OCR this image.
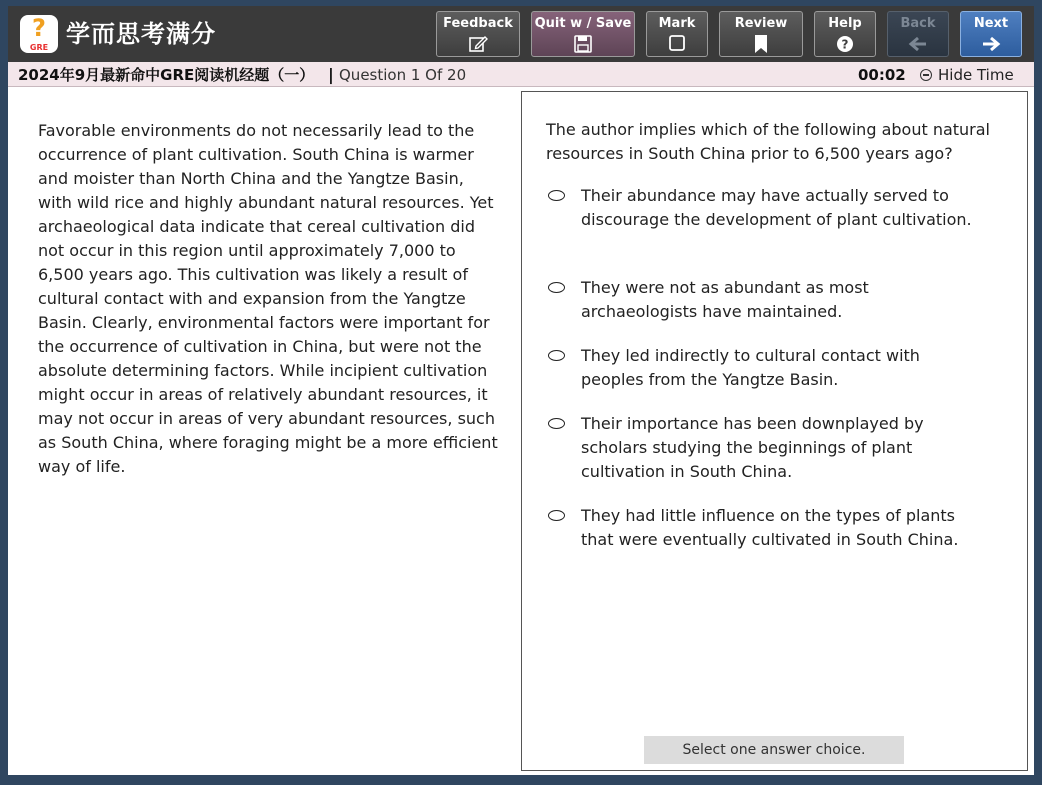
?
GRE 学而思考满分	Feedback	Quit w / Save	Mark	Review	Help
?
Back	Next
2024年9月最新命中GRE阅读机经题（一） | Question 1 Of 20	00:02	Hide Time
Favorable environments do not necessarily lead to the occurrence of plant cultivation. South China is warmer and moister than North China and the Yangtze Basin, with wild rice and highly abundant natural resources. Yet archaeological data indicate that cereal cultivation did not occur in this region until approximately 7,000 to 6,500 years ago. This cultivation was likely a result of cultural contact with and expansion from the Yangtze Basin. Clearly, environmental factors were important for the occurrence of cultivation in China, but were not the absolute determining factors. While incipient cultivation might occur in areas of relatively abundant resources, it may not occur in areas of very abundant resources, such as South China, where foraging might be a more efficient way of life.
The author implies which of the following about natural resources in South China prior to 6,500 years ago?
Their abundance may have actually served to discourage the development of plant cultivation.
They were not as abundant as most archaeologists have maintained.
They led indirectly to cultural contact with peoples from the Yangtze Basin.
Their importance has been downplayed by scholars studying the beginnings of plant cultivation in South China.
They had little influence on the types of plants that were eventually cultivated in South China.
Select one answer choice.
